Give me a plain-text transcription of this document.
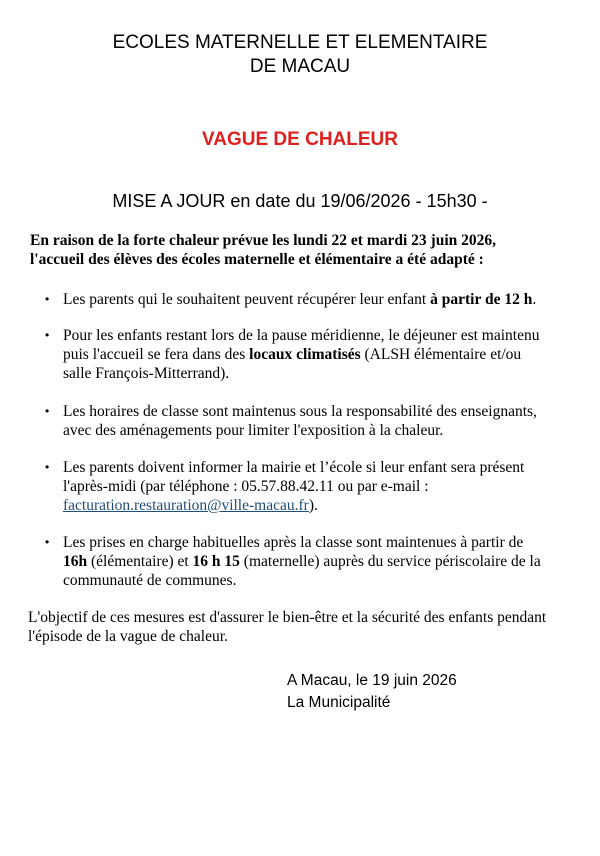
ECOLES MATERNELLE ET ELEMENTAIRE
DE MACAU
VAGUE DE CHALEUR
MISE A JOUR en date du 19/06/2026 - 15h30 -
En raison de la forte chaleur prévue les lundi 22 et mardi 23 juin 2026,
l'accueil des élèves des écoles maternelle et élémentaire a été adapté :
• Les parents qui le souhaitent peuvent récupérer leur enfant à partir de 12 h.
• Pour les enfants restant lors de la pause méridienne, le déjeuner est maintenu
puis l'accueil se fera dans des locaux climatisés (ALSH élémentaire et/ou
salle François-Mitterrand).
• Les horaires de classe sont maintenus sous la responsabilité des enseignants,
avec des aménagements pour limiter l'exposition à la chaleur.
• Les parents doivent informer la mairie et l’école si leur enfant sera présent
l'après-midi (par téléphone : 05.57.88.42.11 ou par e-mail :
facturation.restauration@ville-macau.fr).
• Les prises en charge habituelles après la classe sont maintenues à partir de
16h (élémentaire) et 16 h 15 (maternelle) auprès du service périscolaire de la
communauté de communes.
L'objectif de ces mesures est d'assurer le bien-être et la sécurité des enfants pendant
l'épisode de la vague de chaleur.
A Macau, le 19 juin 2026
La Municipalité
